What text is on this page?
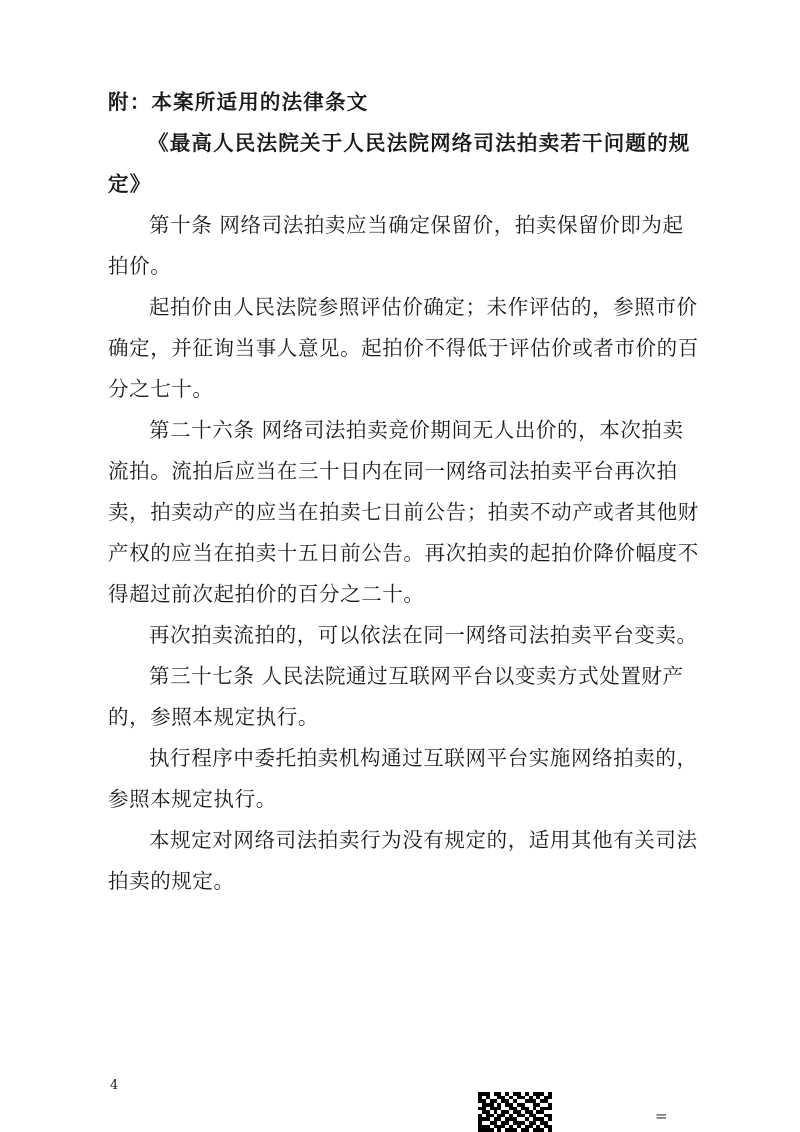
附：本案所适用的法律条文
《最高人民法院关于人民法院网络司法拍卖若干问题的规
定》
第十条 网络司法拍卖应当确定保留价，拍卖保留价即为起
拍价。
起拍价由人民法院参照评估价确定；未作评估的，参照市价
确定，并征询当事人意见。起拍价不得低于评估价或者市价的百
分之七十。
第二十六条 网络司法拍卖竞价期间无人出价的，本次拍卖
流拍。流拍后应当在三十日内在同一网络司法拍卖平台再次拍
卖，拍卖动产的应当在拍卖七日前公告；拍卖不动产或者其他财
产权的应当在拍卖十五日前公告。再次拍卖的起拍价降价幅度不
得超过前次起拍价的百分之二十。
再次拍卖流拍的，可以依法在同一网络司法拍卖平台变卖。
第三十七条 人民法院通过互联网平台以变卖方式处置财产
的，参照本规定执行。
执行程序中委托拍卖机构通过互联网平台实施网络拍卖的，
参照本规定执行。
本规定对网络司法拍卖行为没有规定的，适用其他有关司法
拍卖的规定。
4
=
